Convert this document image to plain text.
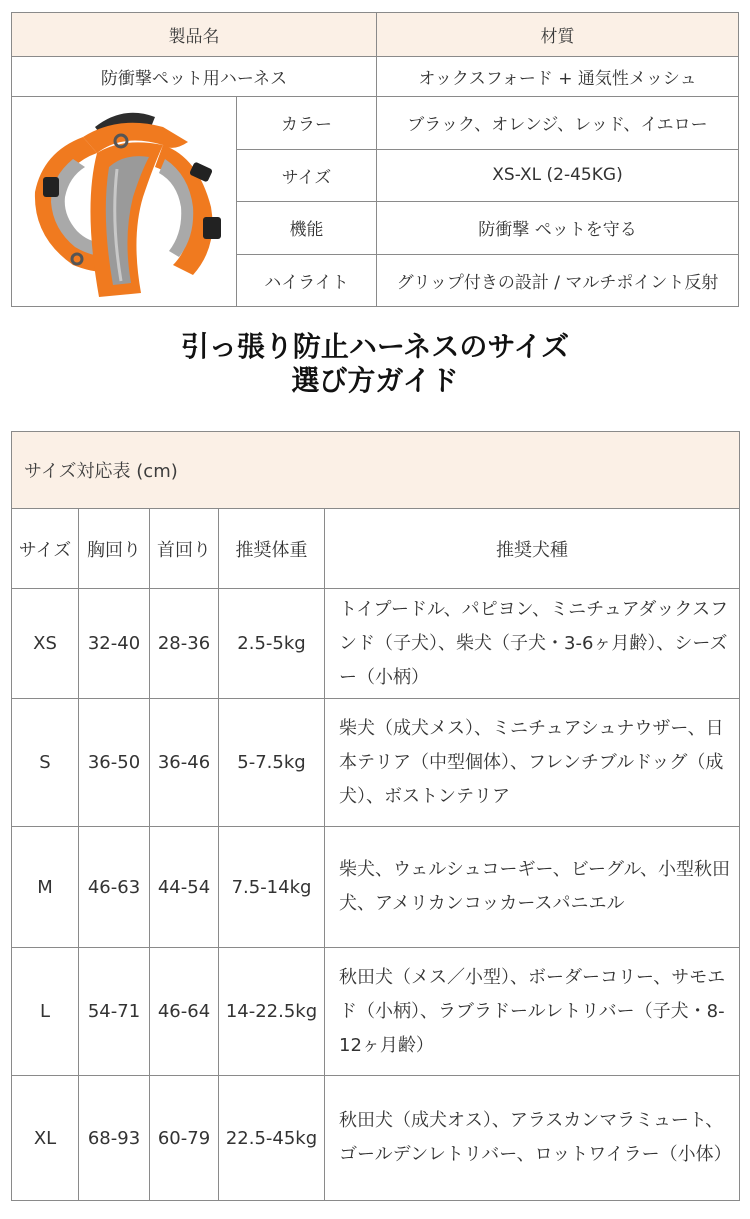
製品名		材質
防衝撃ペット用ハーネス		オックスフォード + 通気性メッシュ
	カラー	ブラック、オレンジ、レッド、イエロー
	サイズ	XS-XL (2-45KG)
	機能	防衝撃 ペットを守る
	ハイライト	グリップ付きの設計 / マルチポイント反射
引っ張り防止ハーネスのサイズ
選び方ガイド
サイズ対応表 (cm)				
サイズ	胸回り	首回り	推奨体重	推奨犬種
XS	32-40	28-36	2.5-5kg	トイプードル、パピヨン、ミニチュアダックスフンド（子犬）、柴犬（子犬・3-6ヶ月齢）、シーズー（小柄）
S	36-50	36-46	5-7.5kg	柴犬（成犬メス）、ミニチュアシュナウザー、日本テリア（中型個体）、フレンチブルドッグ（成犬）、ボストンテリア
M	46-63	44-54	7.5-14kg	柴犬、ウェルシュコーギー、ビーグル、小型秋田犬、アメリカンコッカースパニエル
L	54-71	46-64	14-22.5kg	秋田犬（メス／小型）、ボーダーコリー、サモエド（小柄）、ラブラドールレトリバー（子犬・8-12ヶ月齢）
XL	68-93	60-79	22.5-45kg	秋田犬（成犬オス）、アラスカンマラミュート、ゴールデンレトリバー、ロットワイラー（小体）
